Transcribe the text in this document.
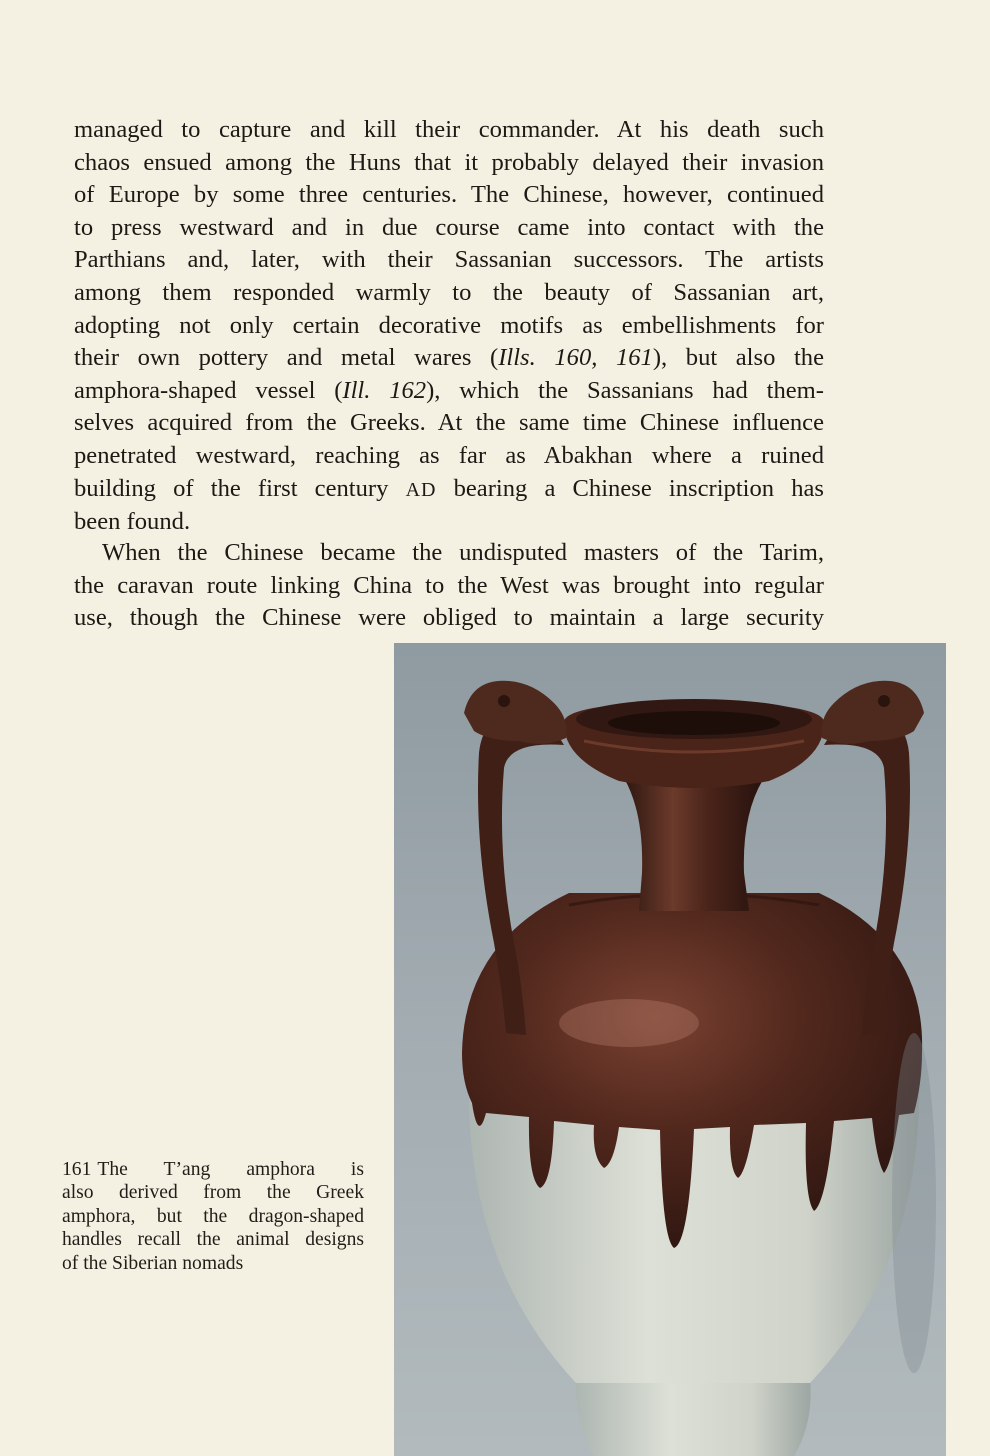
managed to capture and kill their commander. At his death such
chaos ensued among the Huns that it probably delayed their invasion
of Europe by some three centuries. The Chinese, however, continued
to press westward and in due course came into contact with the
Parthians and, later, with their Sassanian successors. The artists
among them responded warmly to the beauty of Sassanian art,
adopting not only certain decorative motifs as embellishments for
their own pottery and metal wares (Ills. 160, 161), but also the
amphora-shaped vessel (Ill. 162), which the Sassanians had them-
selves acquired from the Greeks. At the same time Chinese influence
penetrated westward, reaching as far as Abakhan where a ruined
building of the first century AD bearing a Chinese inscription has
been found.

When the Chinese became the undisputed masters of the Tarim,
the caravan route linking China to the West was brought into regular
use, though the Chinese were obliged to maintain a large security

161 The T’ang amphora is
also derived from the Greek
amphora, but the dragon-shaped
handles recall the animal designs
of the Siberian nomads
